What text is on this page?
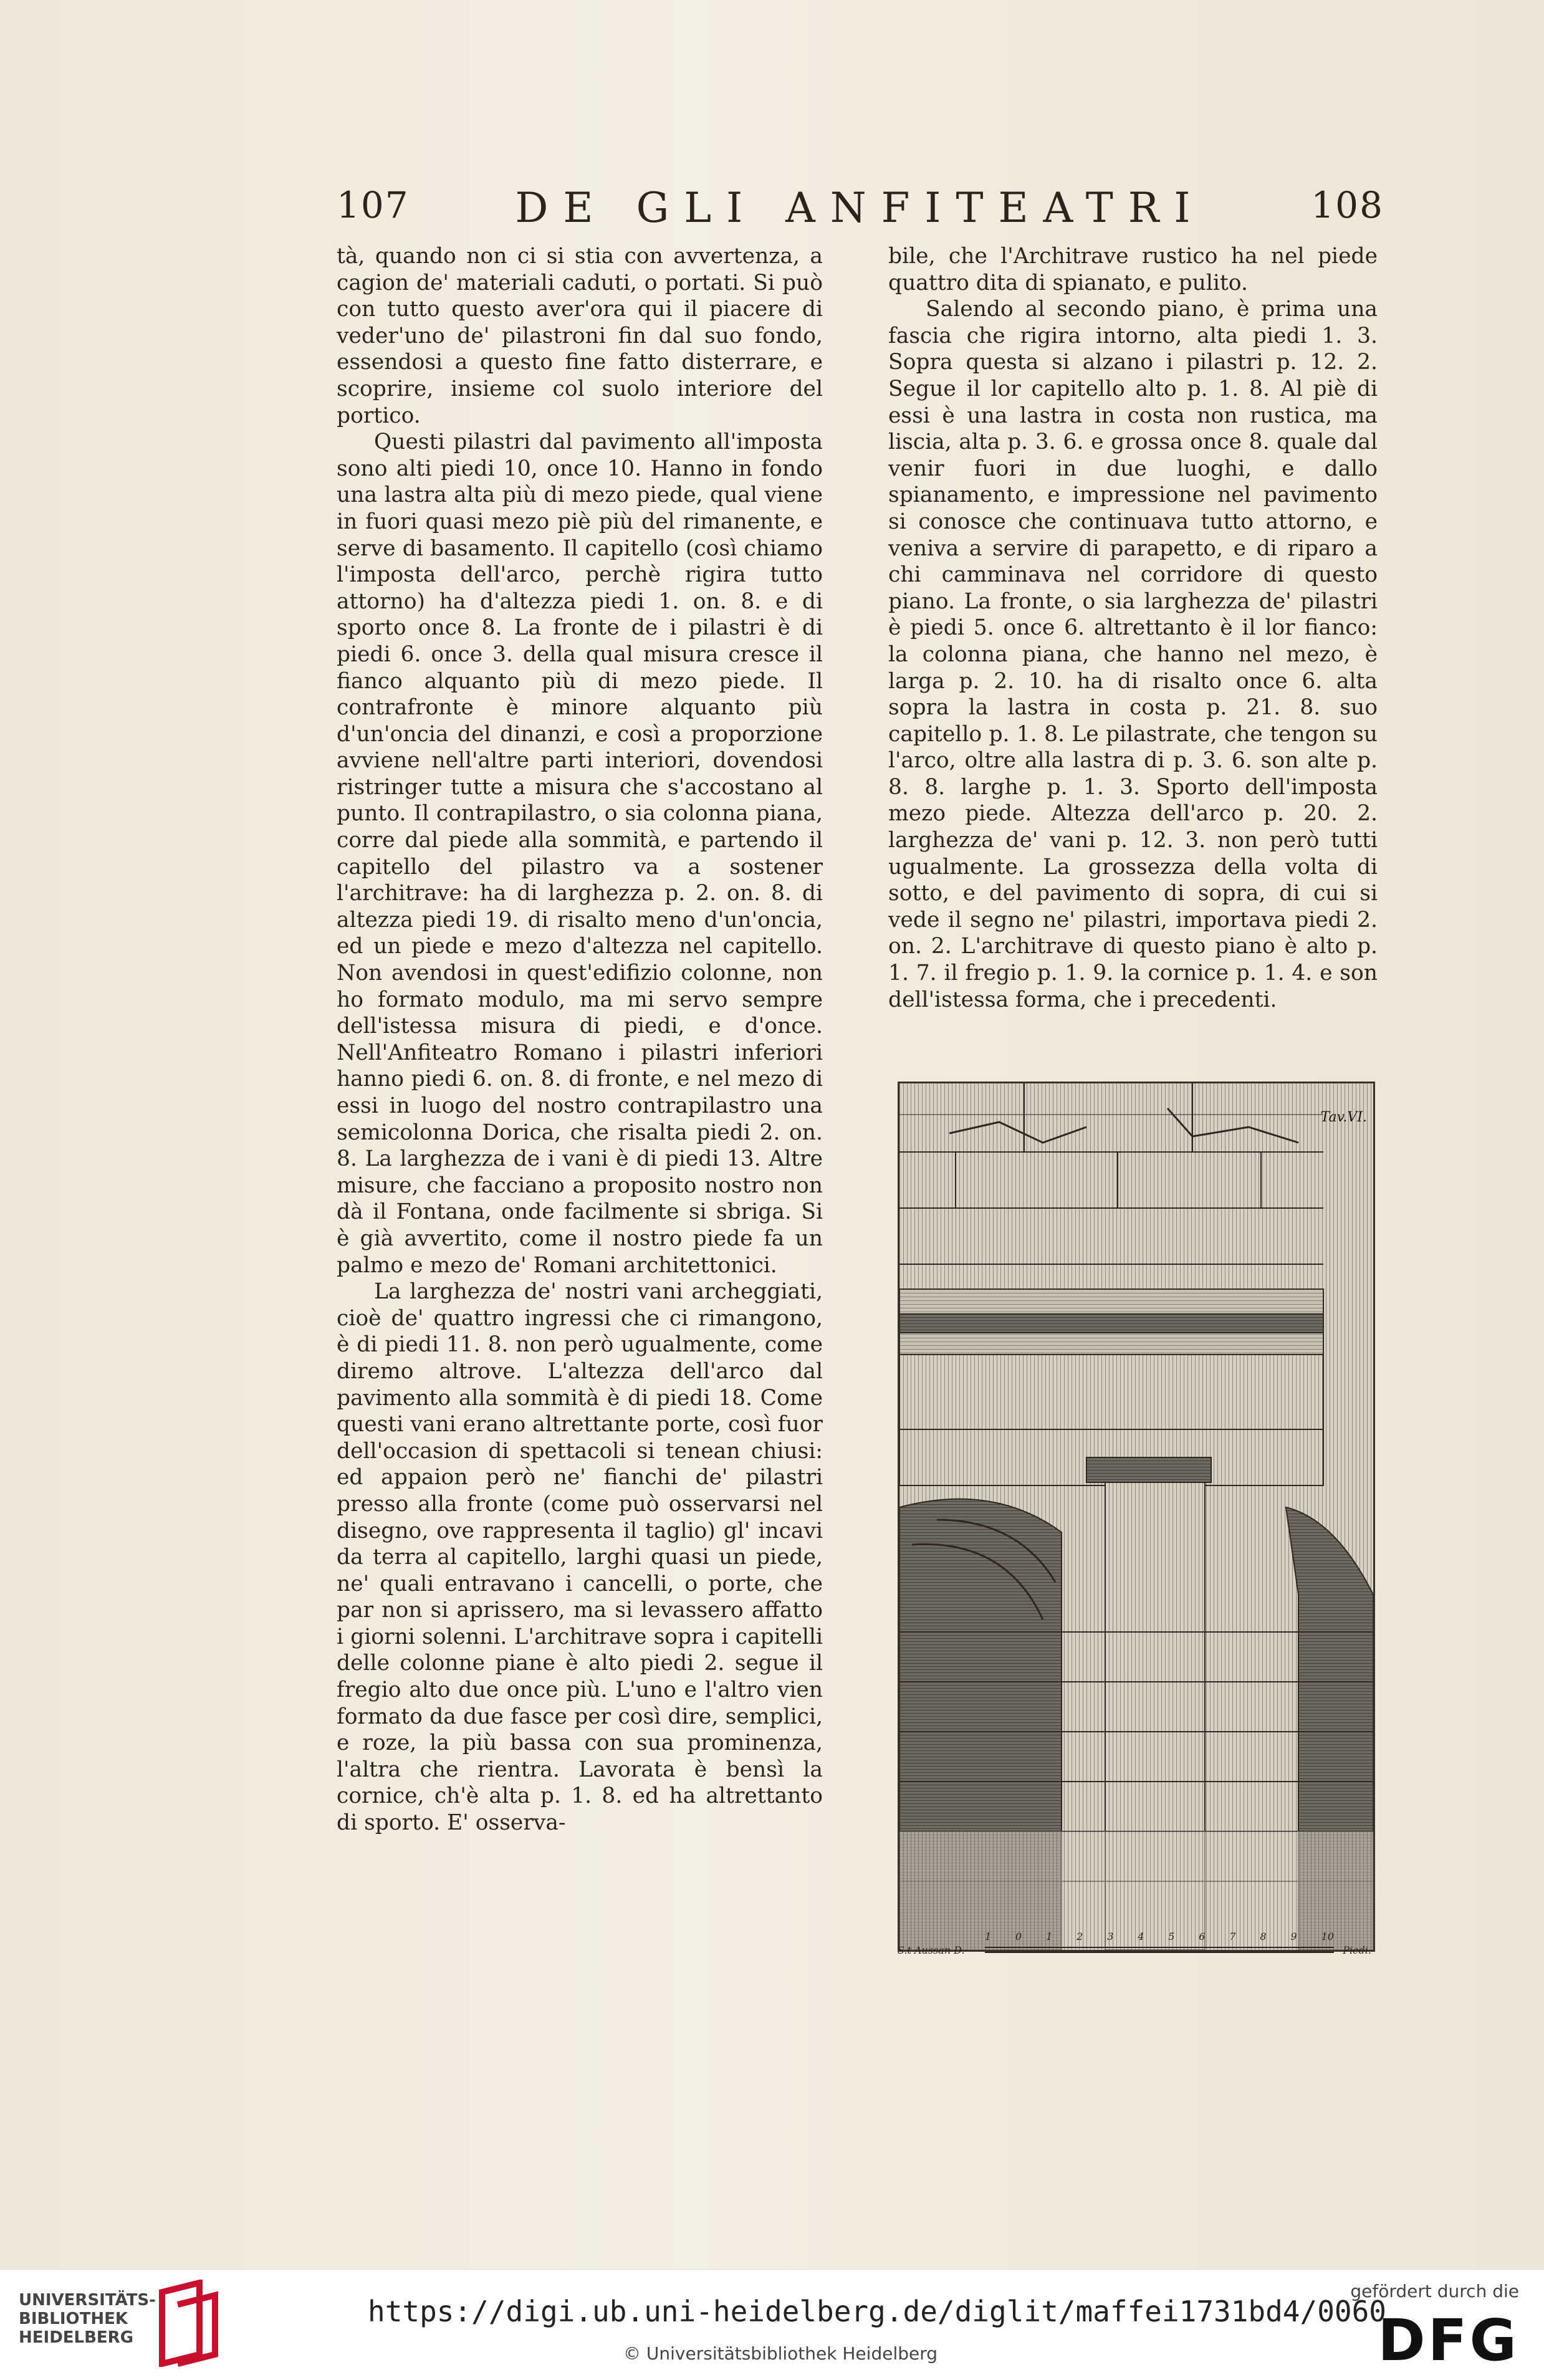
107	DE GLI ANFITEATRI	108

tà, quando non ci si stia con avvertenza, a cagion de' materiali caduti, o portati. Si può con tutto questo aver'ora qui il piacere di veder'uno de' pilastroni fin dal suo fondo, essendosi a questo fine fatto disterrare, e scoprire, insieme col suolo interiore del portico.

Questi pilastri dal pavimento all'imposta sono alti piedi 10, once 10. Hanno in fondo una lastra alta più di mezo piede, qual viene in fuori quasi mezo piè più del rimanente, e serve di basamento. Il capitello (così chiamo l'imposta dell'arco, perchè rigira tutto attorno) ha d'altezza piedi 1. on. 8. e di sporto once 8. La fronte de i pilastri è di piedi 6. once 3. della qual misura cresce il fianco alquanto più di mezo piede. Il contrafronte è minore alquanto più d'un'oncia del dinanzi, e così a proporzione avviene nell'altre parti interiori, dovendosi ristringer tutte a misura che s'accostano al punto. Il contrapilastro, o sia colonna piana, corre dal piede alla sommità, e partendo il capitello del pilastro va a sostener l'architrave: ha di larghezza p. 2. on. 8. di altezza piedi 19. di risalto meno d'un'oncia, ed un piede e mezo d'altezza nel capitello. Non avendosi in quest'edifizio colonne, non ho formato modulo, ma mi servo sempre dell'istessa misura di piedi, e d'once. Nell'Anfiteatro Romano i pilastri inferiori hanno piedi 6. on. 8. di fronte, e nel mezo di essi in luogo del nostro contrapilastro una semicolonna Dorica, che risalta piedi 2. on. 8. La larghezza de i vani è di piedi 13. Altre misure, che facciano a proposito nostro non dà il Fontana, onde facilmente si sbriga. Si è già avvertito, come il nostro piede fa un palmo e mezo de' Romani architettonici.

La larghezza de' nostri vani archeggiati, cioè de' quattro ingressi che ci rimangono, è di piedi 11. 8. non però ugualmente, come diremo altrove. L'altezza dell'arco dal pavimento alla sommità è di piedi 18. Come questi vani erano altrettante porte, così fuor dell'occasion di spettacoli si tenean chiusi: ed appaion però ne' fianchi de' pilastri presso alla fronte (come può osservarsi nel disegno, ove rappresenta il taglio) gl' incavi da terra al capitello, larghi quasi un piede, ne' quali entravano i cancelli, o porte, che par non si aprissero, ma si levassero affatto i giorni solenni. L'architrave sopra i capitelli delle colonne piane è alto piedi 2. segue il fregio alto due once più. L'uno e l'altro vien formato da due fasce per così dire, semplici, e roze, la più bassa con sua prominenza, l'altra che rientra. Lavorata è bensì la cornice, ch'è alta p. 1. 8. ed ha altrettanto di sporto. E' osserva-

bile, che l'Architrave rustico ha nel piede quattro dita di spianato, e pulito.

Salendo al secondo piano, è prima una fascia che rigira intorno, alta piedi 1. 3. Sopra questa si alzano i pilastri p. 12. 2. Segue il lor capitello alto p. 1. 8. Al piè di essi è una lastra in costa non rustica, ma liscia, alta p. 3. 6. e grossa once 8. quale dal venir fuori in due luoghi, e dallo spianamento, e impressione nel pavimento si conosce che continuava tutto attorno, e veniva a servire di parapetto, e di riparo a chi camminava nel corridore di questo piano. La fronte, o sia larghezza de' pilastri è piedi 5. once 6. altrettanto è il lor fianco: la colonna piana, che hanno nel mezo, è larga p. 2. 10. ha di risalto once 6. alta sopra la lastra in costa p. 21. 8. suo capitello p. 1. 8. Le pilastrate, che tengon su l'arco, oltre alla lastra di p. 3. 6. son alte p. 8. 8. larghe p. 1. 3. Sporto dell'imposta mezo piede. Altezza dell'arco p. 20. 2. larghezza de' vani p. 12. 3. non però tutti ugualmente. La grossezza della volta di sotto, e del pavimento di sopra, di cui si vede il segno ne' pilastri, importava piedi 2. on. 2. L'architrave di questo piano è alto p. 1. 7. il fregio p. 1. 9. la cornice p. 1. 4. e son dell'istessa forma, che i precedenti.

Tav.VI.
S.t Aussan D.
1 0 1 2 3 4 5 6 7 8 9 10
Piedi.
UNIVERSITÄTS-
BIBLIOTHEK
HEIDELBERG
https://digi.ub.uni-heidelberg.de/diglit/maffei1731bd4/0060
© Universitätsbibliothek Heidelberg
gefördert durch die
DFG
